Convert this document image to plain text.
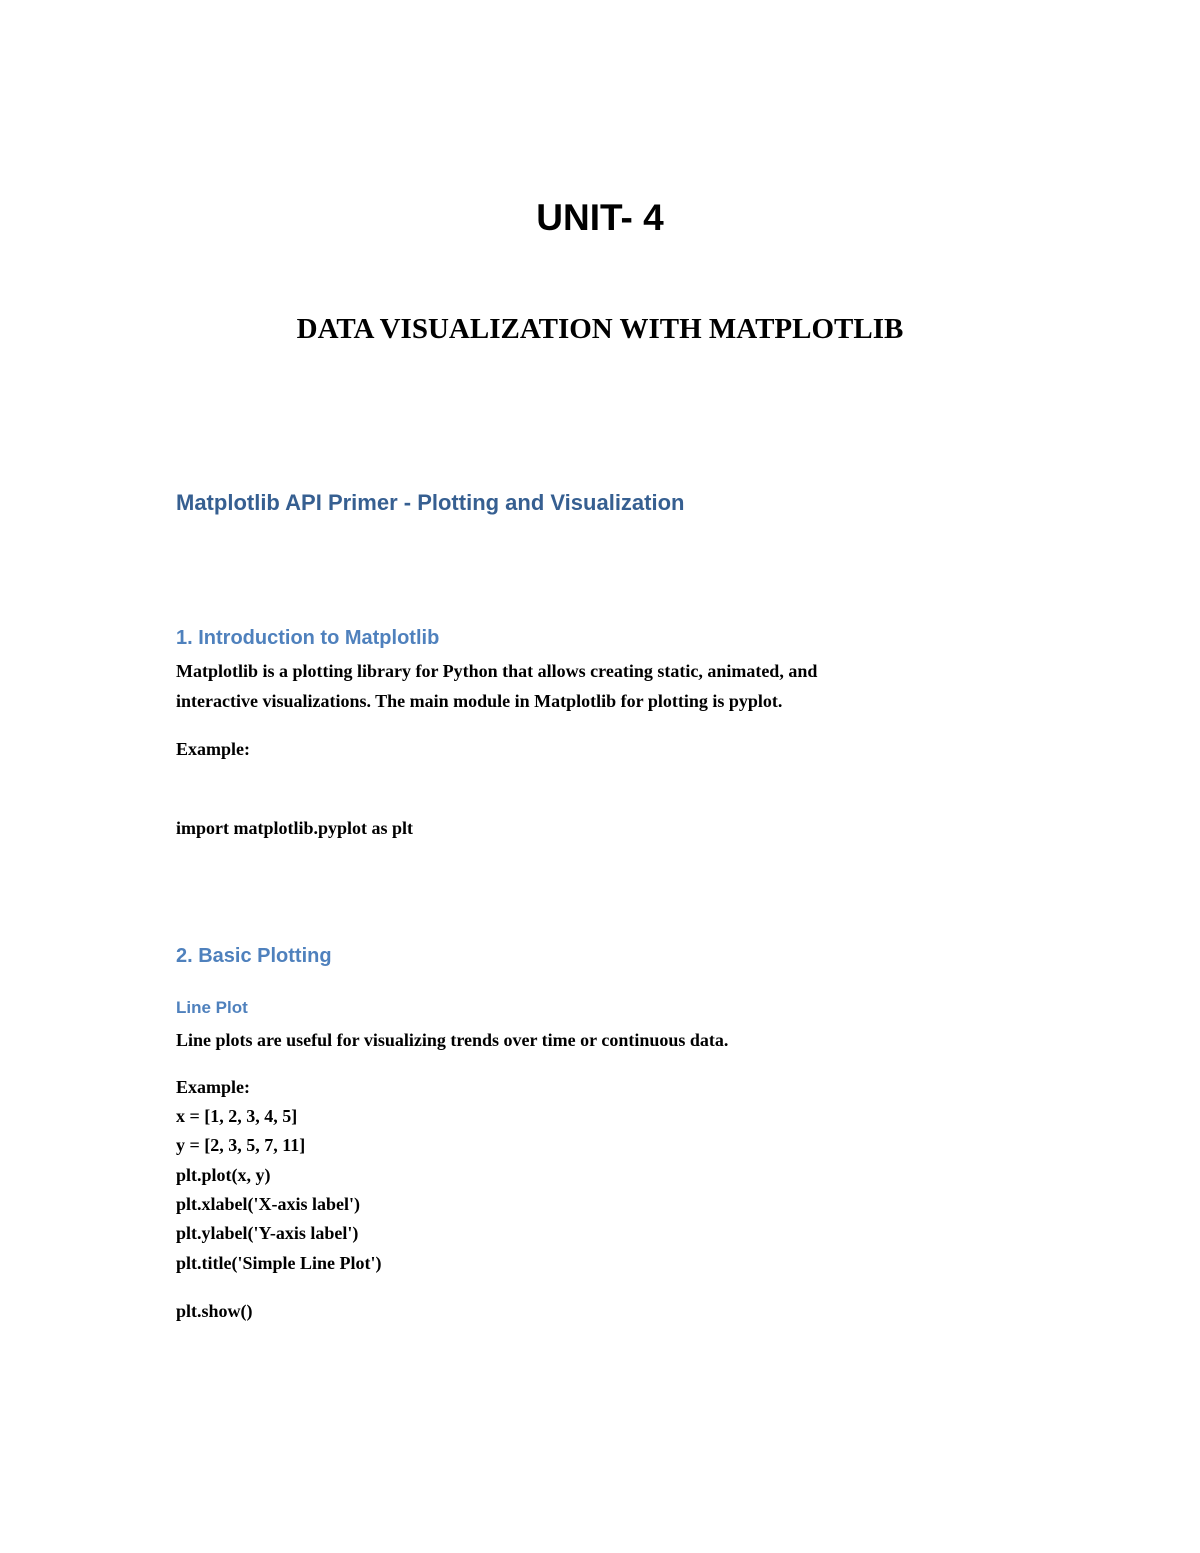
UNIT- 4
DATA VISUALIZATION WITH MATPLOTLIB
Matplotlib API Primer - Plotting and Visualization
1. Introduction to Matplotlib

Matplotlib is a plotting library for Python that allows creating static, animated, and

interactive visualizations. The main module in Matplotlib for plotting is pyplot.

Example:

import matplotlib.pyplot as plt

2. Basic Plotting
Line Plot

Line plots are useful for visualizing trends over time or continuous data.

Example:

x = [1, 2, 3, 4, 5]

y = [2, 3, 5, 7, 11]

plt.plot(x, y)

plt.xlabel('X-axis label')

plt.ylabel('Y-axis label')

plt.title('Simple Line Plot')

plt.show()
